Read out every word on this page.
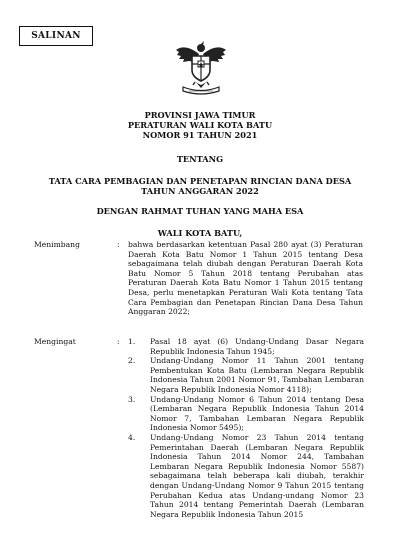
SALINAN
PROVINSI JAWA TIMUR
PERATURAN WALI KOTA BATU
NOMOR 91 TAHUN 2021
TENTANG
TATA CARA PEMBAGIAN DAN PENETAPAN RINCIAN DANA DESA
TAHUN ANGGARAN 2022
DENGAN RAHMAT TUHAN YANG MAHA ESA
WALI KOTA BATU,
Menimbang	: bahwa berdasarkan ketentuan Pasal 280 ayat (3) Peraturan Daerah Kota Batu Nomor 1 Tahun 2015 tentang Desa sebagaimana telah diubah dengan Peraturan Daerah Kota Batu Nomor 5 Tahun 2018 tentang Perubahan atas Peraturan Daerah Kota Batu Nomor 1 Tahun 2015 tentang Desa, perlu menetapkan Peraturan Wali Kota tentang Tata Cara Pembagian dan Penetapan Rincian Dana Desa Tahun Anggaran 2022;
Mengingat	: 1. Pasal 18 ayat (6) Undang-Undang Dasar Negara Republik Indonesia Tahun 1945;
2. Undang-Undang Nomor 11 Tahun 2001 tentang Pembentukan Kota Batu (Lembaran Negara Republik Indonesia Tahun 2001 Nomor 91, Tambahan Lembaran Negara Republik Indonesia Nomor 4118);
3. Undang-Undang Nomor 6 Tahun 2014 tentang Desa (Lembaran Negara Republik Indonesia Tahun 2014 Nomor 7, Tambahan Lembaran Negara Republik Indonesia Nomor 5495);
4. Undang-Undang Nomor 23 Tahun 2014 tentang Pemerintahan Daerah (Lembaran Negara Republik Indonesia Tahun 2014 Nomor 244, Tambahan Lembaran Negara Republik Indonesia Nomor 5587) sebagaimana telah beberapa kali diubah, terakhir dengan Undang-Undang Nomor 9 Tahun 2015 tentang Perubahan Kedua atas Undang-undang Nomor 23 Tahun 2014 tentang Pemerintah Daerah (Lembaran Negara Republik Indonesia Tahun 2015
